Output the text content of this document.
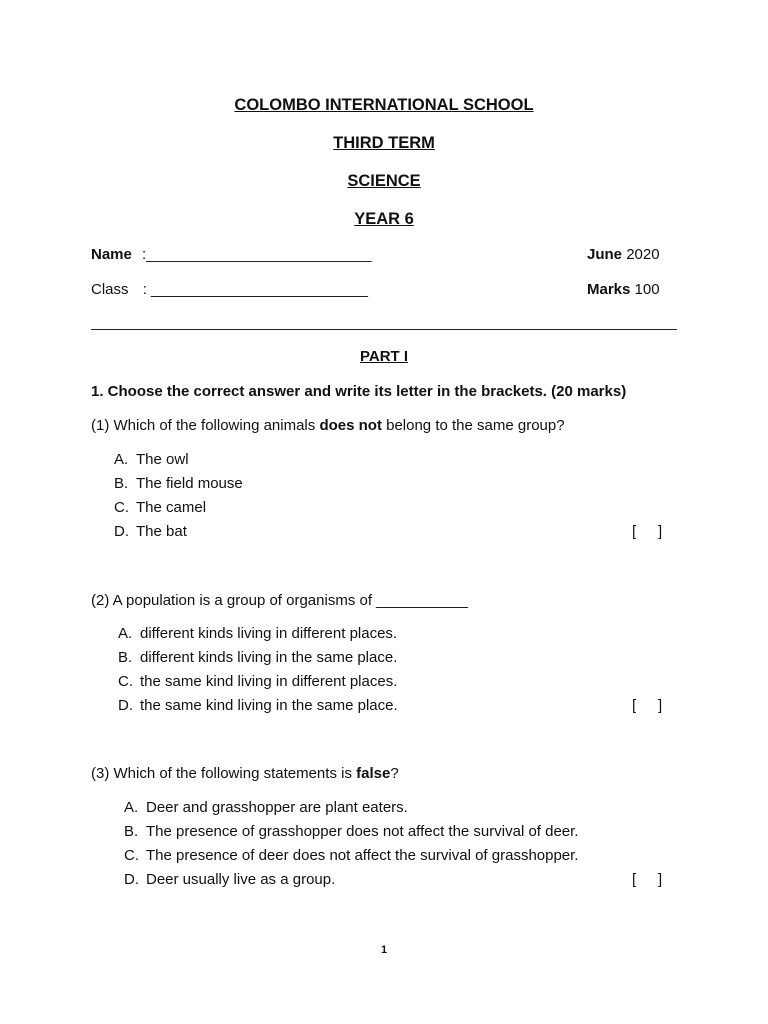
COLOMBO INTERNATIONAL SCHOOL
THIRD TERM
SCIENCE
YEAR 6
Name :___________________________	June 2020
Class : __________________________	Marks 100
PART I
1. Choose the correct answer and write its letter in the brackets. (20 marks)
(1) Which of the following animals does not belong to the same group?
A. The owl
B. The field mouse
C. The camel
D. The bat	[ ]
(2) A population is a group of organisms of ___________
A. different kinds living in different places.
B. different kinds living in the same place.
C. the same kind living in different places.
D. the same kind living in the same place.	[ ]
(3) Which of the following statements is false?
A. Deer and grasshopper are plant eaters.
B. The presence of grasshopper does not affect the survival of deer.
C. The presence of deer does not affect the survival of grasshopper.
D. Deer usually live as a group.	[ ]
1
